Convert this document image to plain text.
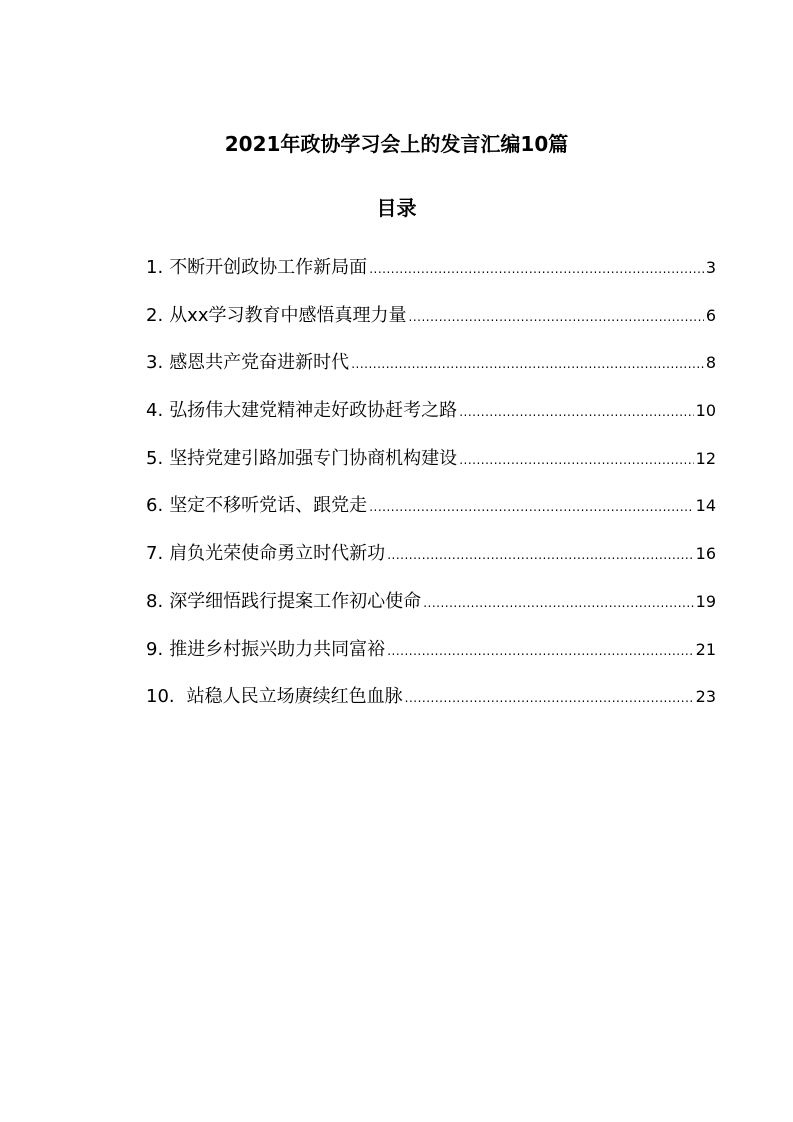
2021年政协学习会上的发言汇编10篇
目录
1. 不断开创政协工作新局面 .....	3
2. 从xx学习教育中感悟真理力量 .....	6
3. 感恩共产党奋进新时代 .....	8
4. 弘扬伟大建党精神走好政协赶考之路 .....	10
5. 坚持党建引路加强专门协商机构建设 .....	12
6. 坚定不移听党话、跟党走 .....	14
7. 肩负光荣使命勇立时代新功 .....	16
8. 深学细悟践行提案工作初心使命 .....	19
9. 推进乡村振兴助力共同富裕 .....	21
10. 站稳人民立场赓续红色血脉 .....	23
